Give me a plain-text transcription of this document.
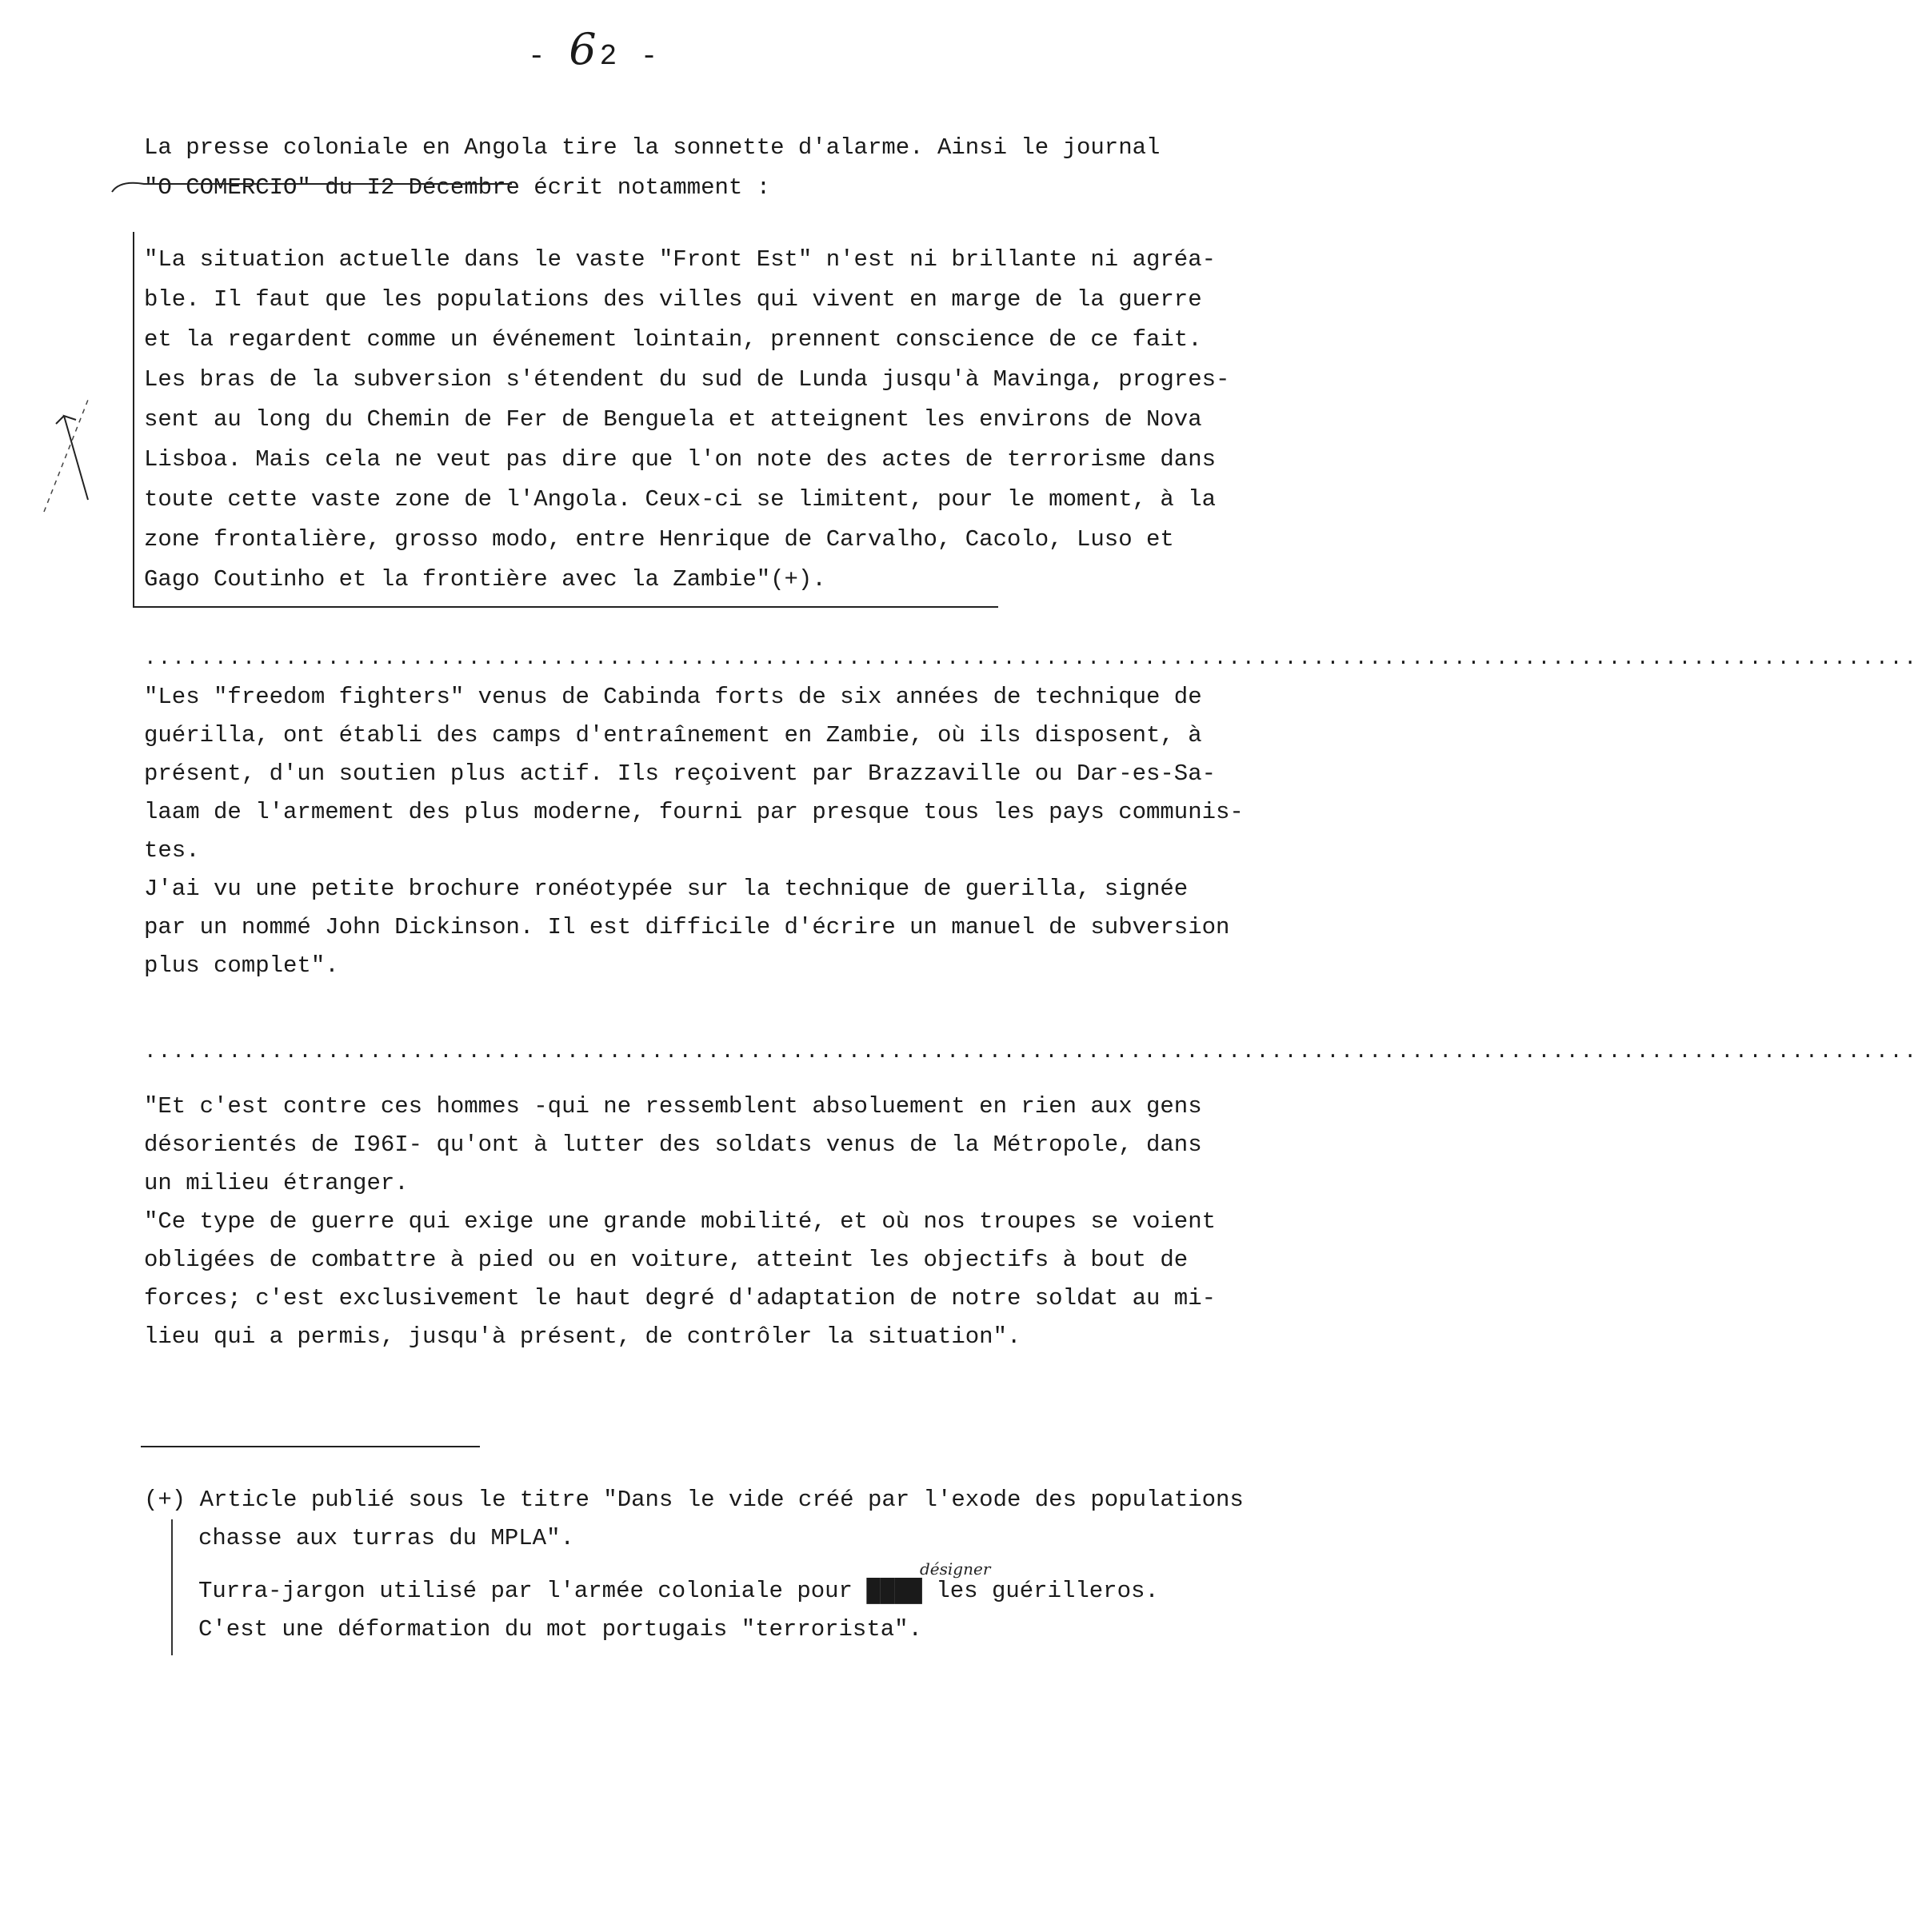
- 62 -
La presse coloniale en Angola tire la sonnette d'alarme. Ainsi le journal
"O COMERCIO" du I2 Décembre écrit notamment :
"La situation actuelle dans le vaste "Front Est" n'est ni brillante ni agréa-
ble. Il faut que les populations des villes qui vivent en marge de la guerre
et la regardent comme un événement lointain, prennent conscience de ce fait.
Les bras de la subversion s'étendent du sud de Lunda jusqu'à Mavinga, progres-
sent au long du Chemin de Fer de Benguela et atteignent les environs de Nova
Lisboa. Mais cela ne veut pas dire que l'on note des actes de terrorisme dans
toute cette vaste zone de l'Angola. Ceux-ci se limitent, pour le moment, à la
zone frontalière, grosso modo, entre Henrique de Carvalho, Cacolo, Luso et
Gago Coutinho et la frontière avec la Zambie"(+).
..............................................................................................................................
"Les "freedom fighters" venus de Cabinda forts de six années de technique de
guérilla, ont établi des camps d'entraînement en Zambie, où ils disposent, à
présent, d'un soutien plus actif. Ils reçoivent par Brazzaville ou Dar-es-Sa-
laam de l'armement des plus moderne, fourni par presque tous les pays communis-
tes.
J'ai vu une petite brochure ronéotypée sur la technique de guerilla, signée
par un nommé John Dickinson. Il est difficile d'écrire un manuel de subversion
plus complet".
..............................................................................................................................
"Et c'est contre ces hommes -qui ne ressemblent absoluement en rien aux gens
désorientés de I96I- qu'ont à lutter des soldats venus de la Métropole, dans
un milieu étranger.
"Ce type de guerre qui exige une grande mobilité, et où nos troupes se voient
obligées de combattre à pied ou en voiture, atteint les objectifs à bout de
forces; c'est exclusivement le haut degré d'adaptation de notre soldat au mi-
lieu qui a permis, jusqu'à présent, de contrôler la situation".
(+) Article publié sous le titre "Dans le vide créé par l'exode des populations
chasse aux turras du MPLA".
Turra-jargon utilisé par l'armée coloniale pour ████ les guérilleros.
C'est une déformation du mot portugais "terrorista".
désigner
